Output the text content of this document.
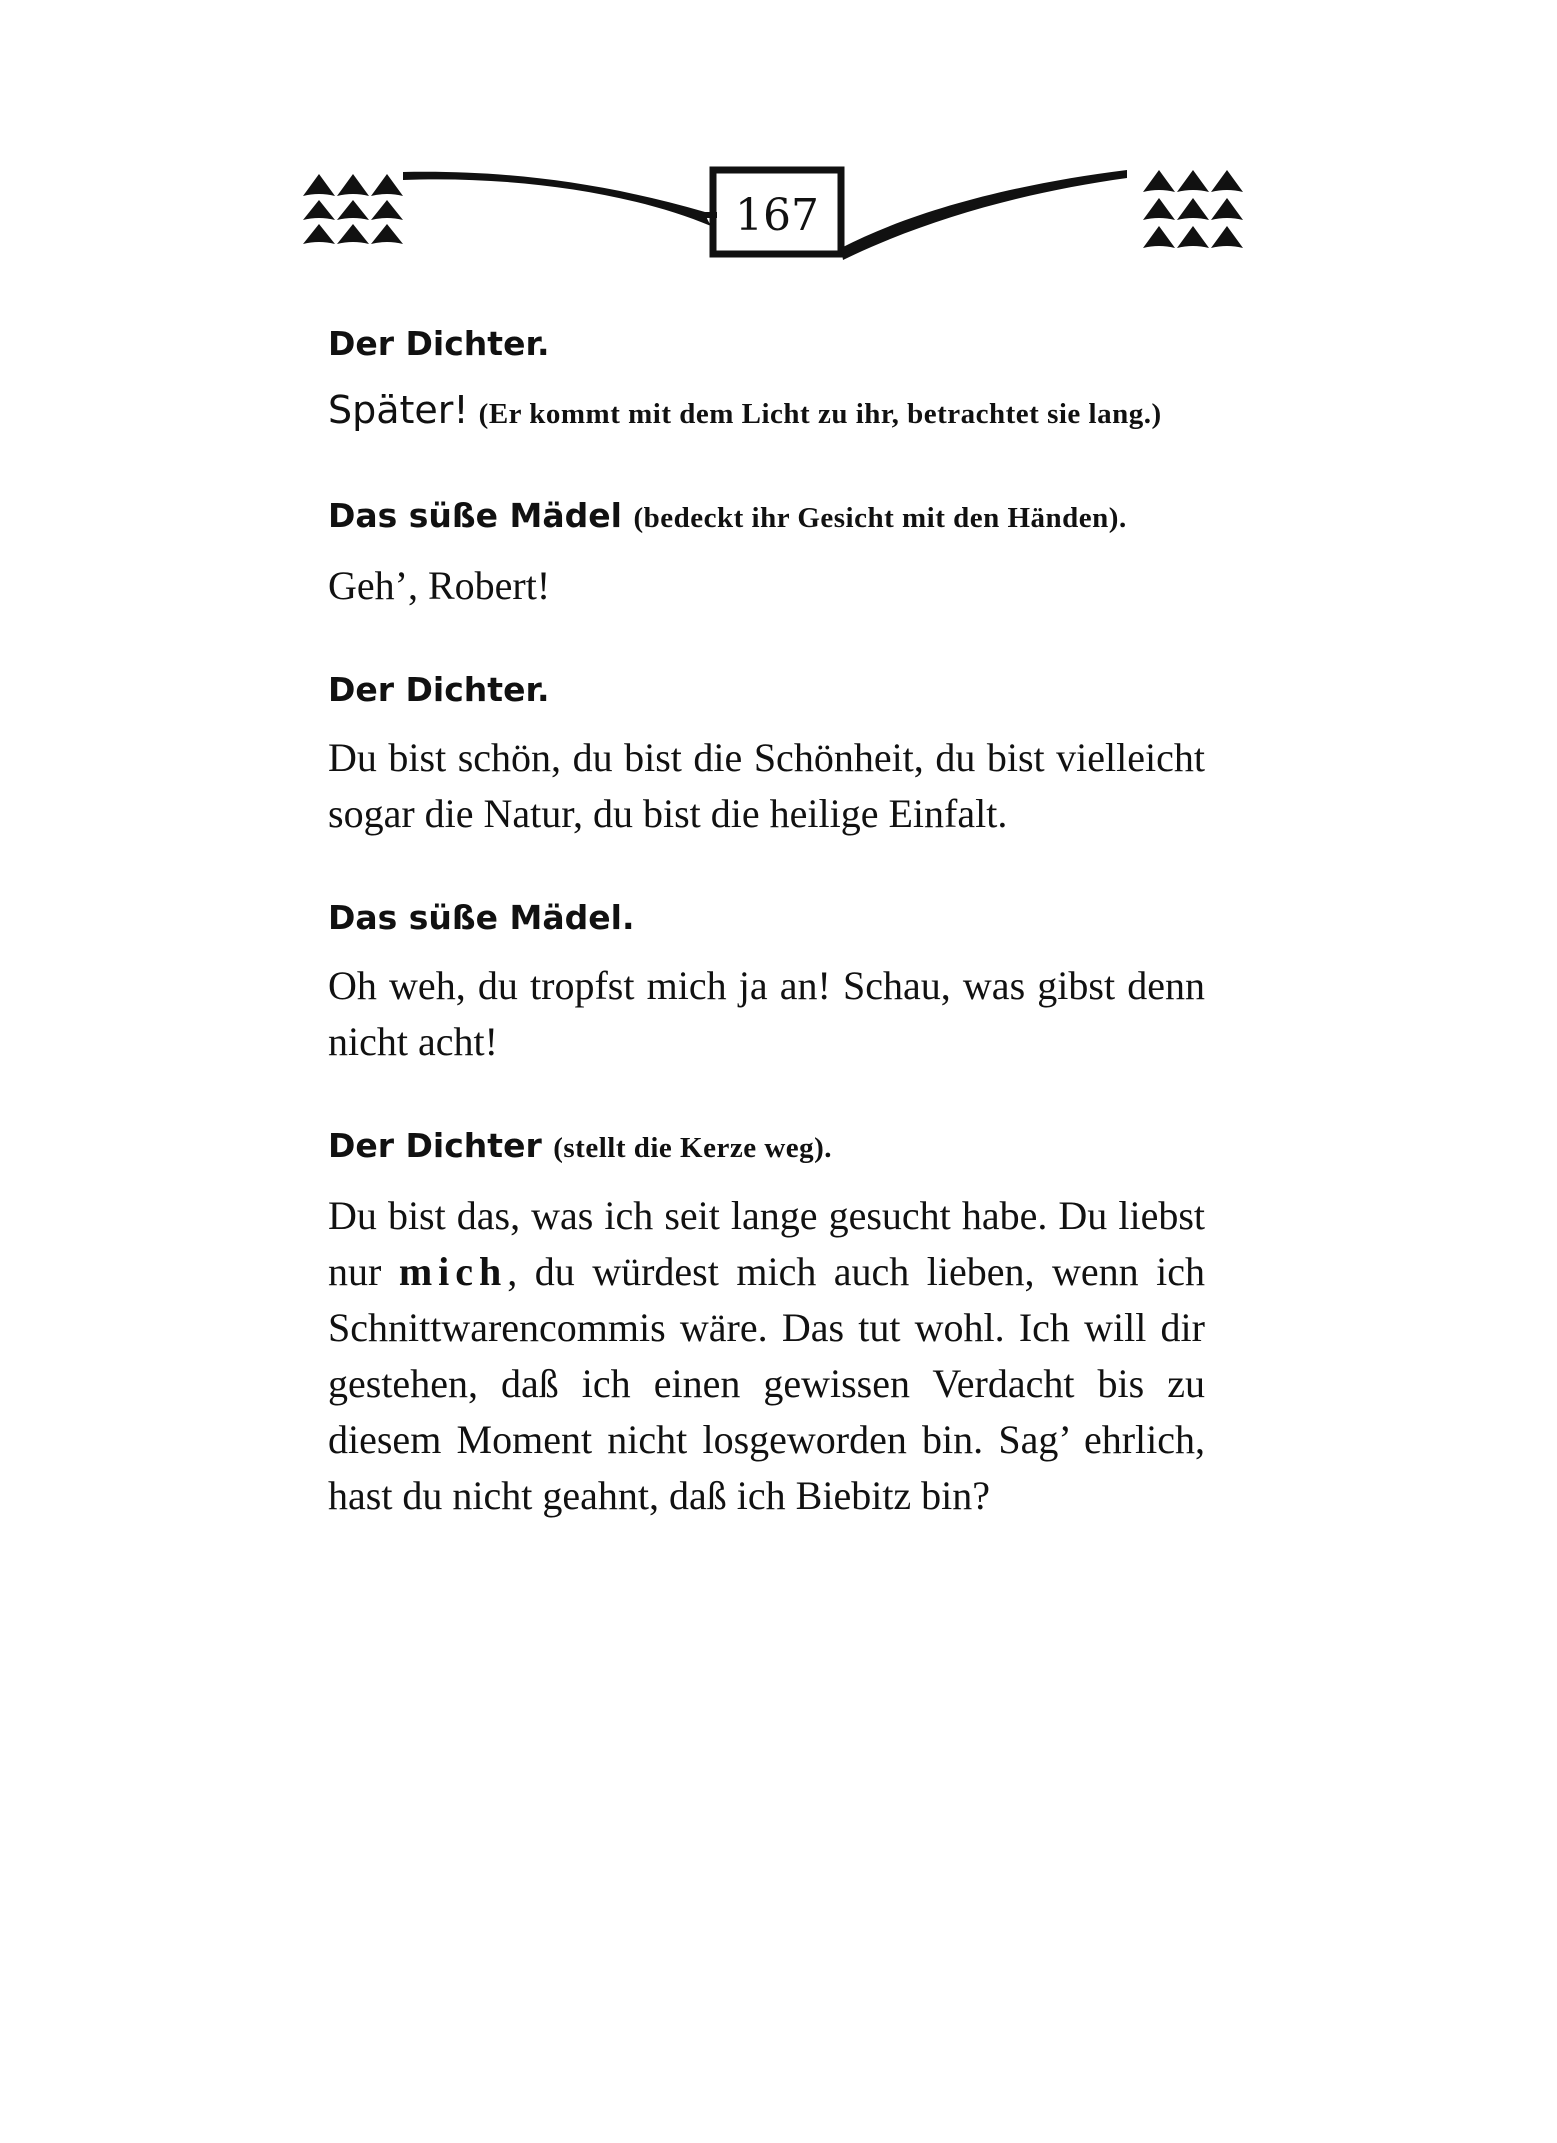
167

Der Dichter.

Später! (Er kommt mit dem Licht zu ihr, betrachtet sie lang.)

Das süße Mädel (bedeckt ihr Gesicht mit den Händen).

Geh’, Robert!

Der Dichter.

Du bist schön, du bist die Schönheit, du bist vielleicht sogar die Natur, du bist die heilige Einfalt.

Das süße Mädel.

Oh weh, du tropfst mich ja an! Schau, was gibst denn nicht acht!

Der Dichter (stellt die Kerze weg).

Du bist das, was ich seit lange gesucht habe. Du liebst nur mich, du würdest mich auch lieben, wenn ich Schnittwarencommis wäre. Das tut wohl. Ich will dir gestehen, daß ich einen gewissen Verdacht bis zu diesem Moment nicht losgeworden bin. Sag’ ehrlich, hast du nicht geahnt, daß ich Biebitz bin?
